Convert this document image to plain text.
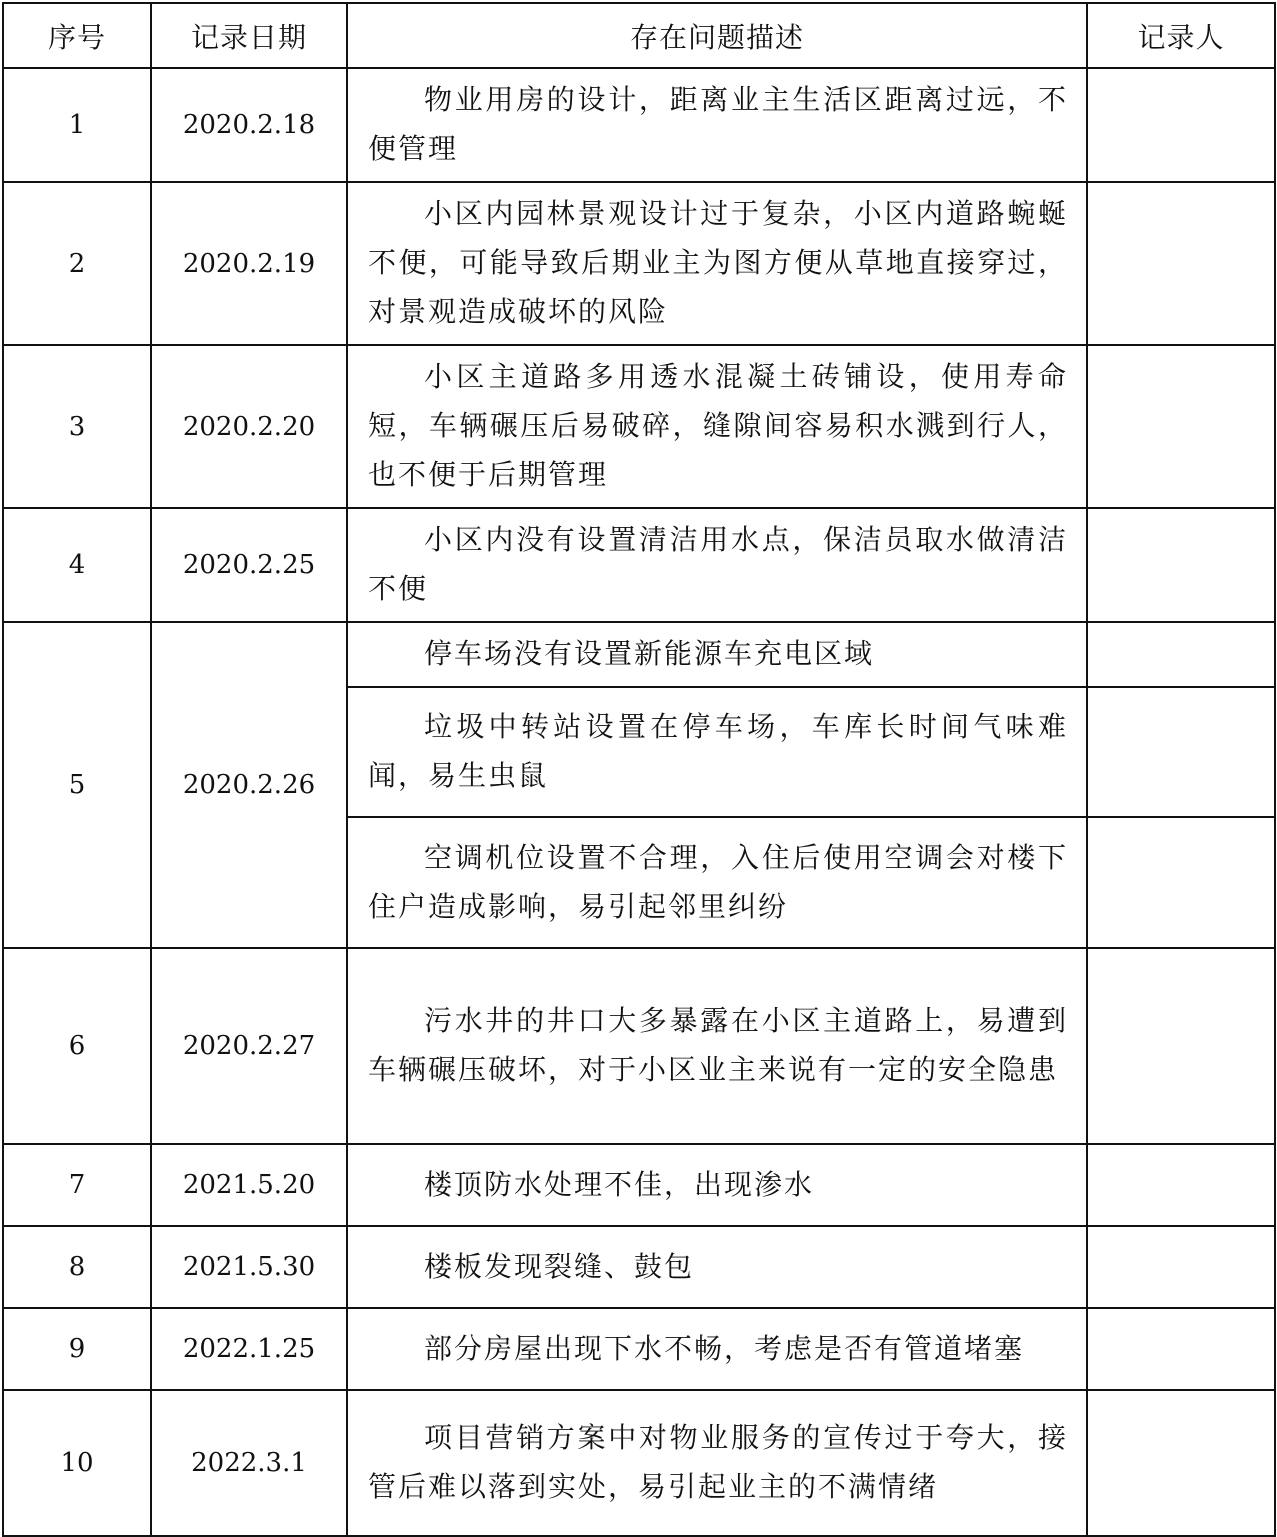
序号	记录日期	存在问题描述	记录人
1	2020.2.18	物业用房的设计，距离业主生活区距离过远，不便管理	
2	2020.2.19	小区内园林景观设计过于复杂，小区内道路蜿蜒不便，可能导致后期业主为图方便从草地直接穿过，对景观造成破坏的风险	
3	2020.2.20	小区主道路多用透水混凝土砖铺设，使用寿命短，车辆碾压后易破碎，缝隙间容易积水溅到行人，也不便于后期管理	
4	2020.2.25	小区内没有设置清洁用水点，保洁员取水做清洁不便	
5	2020.2.26	停车场没有设置新能源车充电区域	
		垃圾中转站设置在停车场，车库长时间气味难闻，易生虫鼠	
		空调机位设置不合理，入住后使用空调会对楼下住户造成影响，易引起邻里纠纷	
6	2020.2.27	污水井的井口大多暴露在小区主道路上，易遭到车辆碾压破坏，对于小区业主来说有一定的安全隐患	
7	2021.5.20	楼顶防水处理不佳，出现渗水	
8	2021.5.30	楼板发现裂缝、鼓包	
9	2022.1.25	部分房屋出现下水不畅，考虑是否有管道堵塞	
10	2022.3.1	项目营销方案中对物业服务的宣传过于夸大，接管后难以落到实处，易引起业主的不满情绪	
